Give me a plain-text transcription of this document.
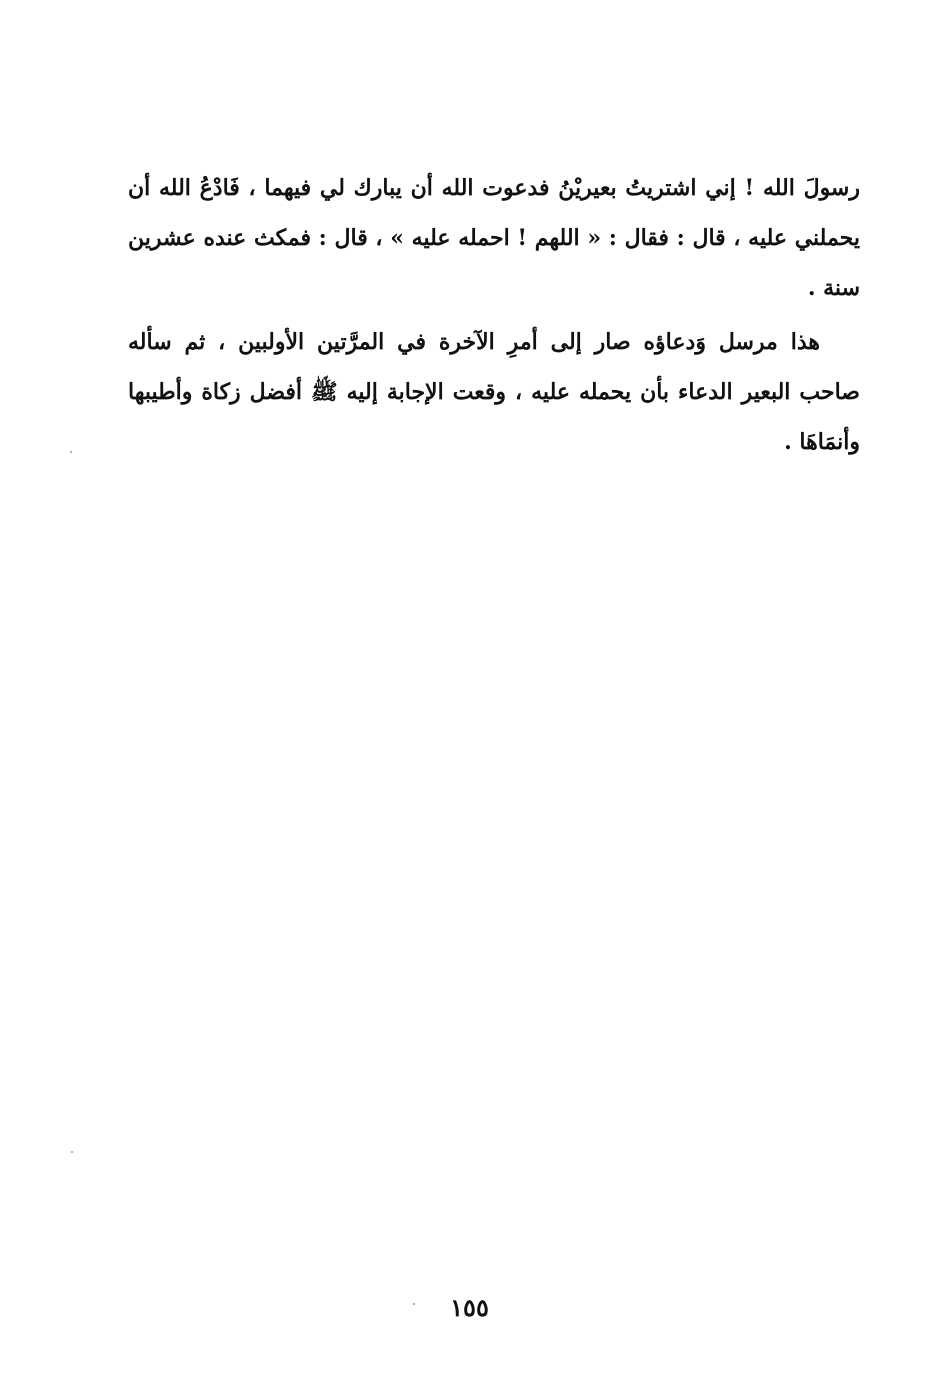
رسولَ الله ! إني اشتريتُ بعيريْنُ فدعوت الله أن يبارك لي فيهما ، فَادْعُ الله أن يحملني عليه ، قال : فقال : « اللهم ! احمله عليه » ، قال : فمكث عنده عشرين سنة .

هذا مرسل وَدعاؤه صار إلى أمرِ الآخرة في المرَّتين الأولبين ، ثم سأله صاحب البعير الدعاء بأن يحمله عليه ، وقعت الإجابة إليه ﷺ أفضل زكاة وأطيبها وأنمَاهَا .

١٥٥
